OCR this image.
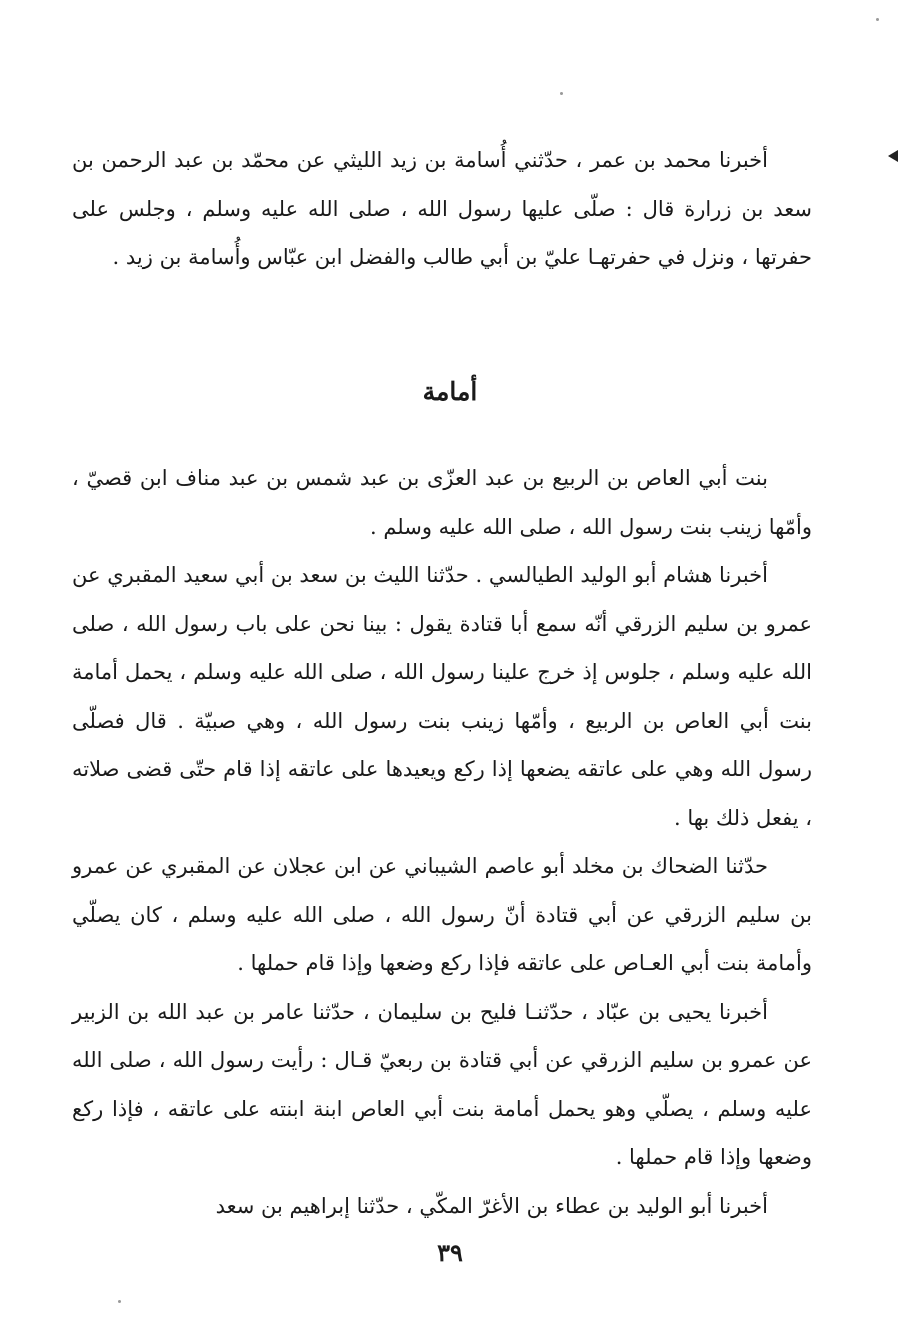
أخبرنا محمد بن عمر ، حدّثني أُسامة بن زيد الليثي عن محمّد بن عبد الرحمن بن سعد بن زرارة قال : صلّى عليها رسول الله ، صلى الله عليه وسلم ، وجلس على حفرتها ، ونزل في حفرتهـا عليّ بن أبي طالب والفضل ابن عبّاس وأُسامة بن زيد .

أمامة

بنت أبي العاص بن الربيع بن عبد العزّى بن عبد شمس بن عبد مناف ابن قصيّ ، وأمّها زينب بنت رسول الله ، صلى الله عليه وسلم .

أخبرنا هشام أبو الوليد الطيالسي . حدّثنا الليث بن سعد بن أبي سعيد المقبري عن عمرو بن سليم الزرقي أنّه سمع أبا قتادة يقول : بينا نحن على باب رسول الله ، صلى الله عليه وسلم ، جلوس إذ خرج علينا رسول الله ، صلى الله عليه وسلم ، يحمل أمامة بنت أبي العاص بن الربيع ، وأمّها زينب بنت رسول الله ، وهي صبيّة . قال فصلّى رسول الله وهي على عاتقه يضعها إذا ركع ويعيدها على عاتقه إذا قام حتّى قضى صلاته ، يفعل ذلك بها .

حدّثنا الضحاك بن مخلد أبو عاصم الشيباني عن ابن عجلان عن المقبري عن عمرو بن سليم الزرقي عن أبي قتادة أنّ رسول الله ، صلى الله عليه وسلم ، كان يصلّي وأمامة بنت أبي العـاص على عاتقه فإذا ركع وضعها وإذا قام حملها .

أخبرنا يحيى بن عبّاد ، حدّثنـا فليح بن سليمان ، حدّثنا عامر بن عبد الله بن الزبير عن عمرو بن سليم الزرقي عن أبي قتادة بن ربعيّ قـال : رأيت رسول الله ، صلى الله عليه وسلم ، يصلّي وهو يحمل أمامة بنت أبي العاص ابنة ابنته على عاتقه ، فإذا ركع وضعها وإذا قام حملها .

أخبرنا أبو الوليد بن عطاء بن الأغرّ المكّي ، حدّثنا إبراهيم بن سعد

٣٩
